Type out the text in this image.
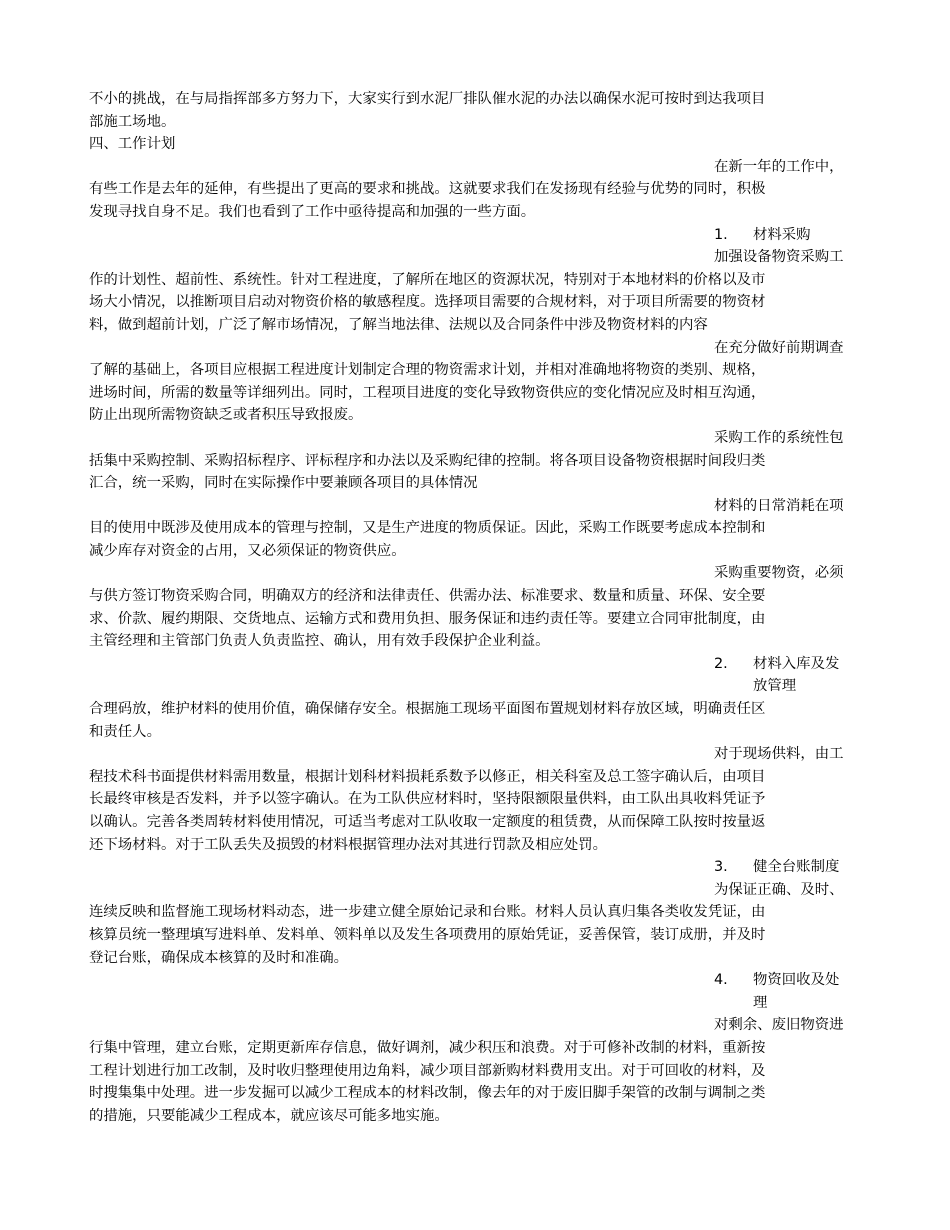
不小的挑战，在与局指挥部多方努力下，大家实行到水泥厂排队催水泥的办法以确保水泥可按时到达我项目
部施工场地。
四、工作计划
在新一年的工作中，
有些工作是去年的延伸，有些提出了更高的要求和挑战。这就要求我们在发扬现有经验与优势的同时，积极
发现寻找自身不足。我们也看到了工作中亟待提高和加强的一些方面。
1. 材料采购
加强设备物资采购工
作的计划性、超前性、系统性。针对工程进度，了解所在地区的资源状况，特别对于本地材料的价格以及市
场大小情况，以推断项目启动对物资价格的敏感程度。选择项目需要的合规材料，对于项目所需要的物资材
料，做到超前计划，广泛了解市场情况，了解当地法律、法规以及合同条件中涉及物资材料的内容
在充分做好前期调查
了解的基础上，各项目应根据工程进度计划制定合理的物资需求计划，并相对准确地将物资的类别、规格，
进场时间，所需的数量等详细列出。同时，工程项目进度的变化导致物资供应的变化情况应及时相互沟通，
防止出现所需物资缺乏或者积压导致报废。
采购工作的系统性包
括集中采购控制、采购招标程序、评标程序和办法以及采购纪律的控制。将各项目设备物资根据时间段归类
汇合，统一采购，同时在实际操作中要兼顾各项目的具体情况
材料的日常消耗在项
目的使用中既涉及使用成本的管理与控制，又是生产进度的物质保证。因此，采购工作既要考虑成本控制和
减少库存对资金的占用，又必须保证的物资供应。
采购重要物资，必须
与供方签订物资采购合同，明确双方的经济和法律责任、供需办法、标准要求、数量和质量、环保、安全要
求、价款、履约期限、交货地点、运输方式和费用负担、服务保证和违约责任等。要建立合同审批制度，由
主管经理和主管部门负责人负责监控、确认，用有效手段保护企业利益。
2. 材料入库及发
放管理
合理码放，维护材料的使用价值，确保储存安全。根据施工现场平面图布置规划材料存放区域，明确责任区
和责任人。
对于现场供料，由工
程技术科书面提供材料需用数量，根据计划科材料损耗系数予以修正，相关科室及总工签字确认后，由项目
长最终审核是否发料，并予以签字确认。在为工队供应材料时，坚持限额限量供料，由工队出具收料凭证予
以确认。完善各类周转材料使用情况，可适当考虑对工队收取一定额度的租赁费，从而保障工队按时按量返
还下场材料。对于工队丢失及损毁的材料根据管理办法对其进行罚款及相应处罚。
3. 健全台账制度
为保证正确、及时、
连续反映和监督施工现场材料动态，进一步建立健全原始记录和台账。材料人员认真归集各类收发凭证，由
核算员统一整理填写进料单、发料单、领料单以及发生各项费用的原始凭证，妥善保管，装订成册，并及时
登记台账，确保成本核算的及时和准确。
4. 物资回收及处
理
对剩余、废旧物资进
行集中管理，建立台账，定期更新库存信息，做好调剂，减少积压和浪费。对于可修补改制的材料，重新按
工程计划进行加工改制，及时收归整理使用边角料，减少项目部新购材料费用支出。对于可回收的材料，及
时搜集集中处理。进一步发掘可以减少工程成本的材料改制，像去年的对于废旧脚手架管的改制与调制之类
的措施，只要能减少工程成本，就应该尽可能多地实施。
